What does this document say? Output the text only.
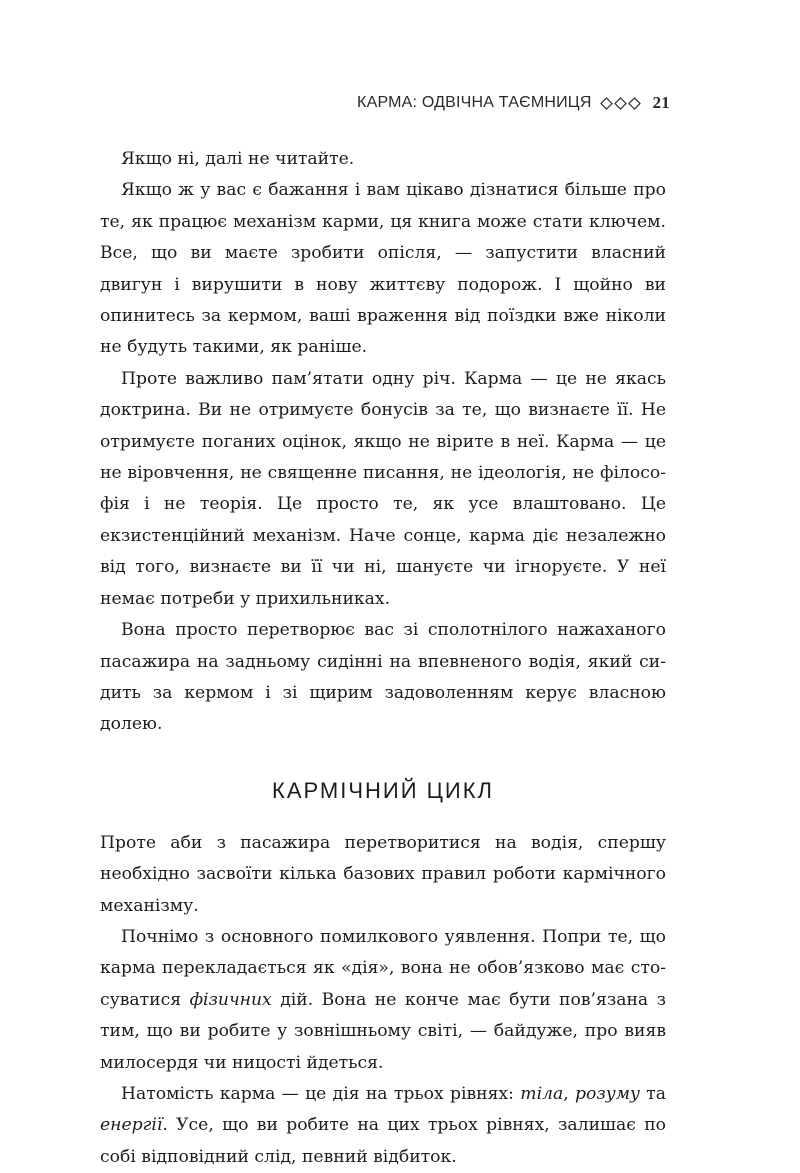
КАРМА: ОДВІЧНА ТАЄМНИЦЯ	21

Якщо ні, далі не читайте.

Якщо ж у вас є бажання і вам цікаво дізнатися більше про те, як працює механізм карми, ця книга може стати ключем. Все, що ви маєте зробити опісля, — запустити власний двигун і вирушити в нову життєву подорож. І щойно ви опинитесь за кермом, ваші враження від поїздки вже ніколи не будуть такими, як раніше.

Проте важливо пам’ятати одну річ. Карма — це не якась доктрина. Ви не отримуєте бонусів за те, що визнаєте її. Не отримуєте поганих оцінок, якщо не вірите в неї. Карма — це не віровчення, не священне писання, не ідеологія, не філософія і не теорія. Це просто те, як усе влаштовано. Це екзистенційний механізм. Наче сонце, карма діє незалежно від того, визнаєте ви її чи ні, шануєте чи ігноруєте. У неї немає потреби у прихильниках.

Вона просто перетворює вас зі сполотнілого нажаханого пасажира на задньому сидінні на впевненого водія, який сидить за кермом і зі щирим задоволенням керує власною долею.

КАРМІЧНИЙ ЦИКЛ

Проте аби з пасажира перетворитися на водія, спершу необхідно засвоїти кілька базових правил роботи кармічного механізму.

Почнімо з основного помилкового уявлення. Попри те, що карма перекладається як «дія», вона не обов’язково має стосуватися фізичних дій. Вона не конче має бути пов’язана з тим, що ви робите у зовнішньому світі, — байдуже, про вияв милосердя чи ницості йдеться.

Натомість карма — це дія на трьох рівнях: тіла, розуму та енергії. Усе, що ви робите на цих трьох рівнях, залишає по собі відповідний слід, певний відбиток.
